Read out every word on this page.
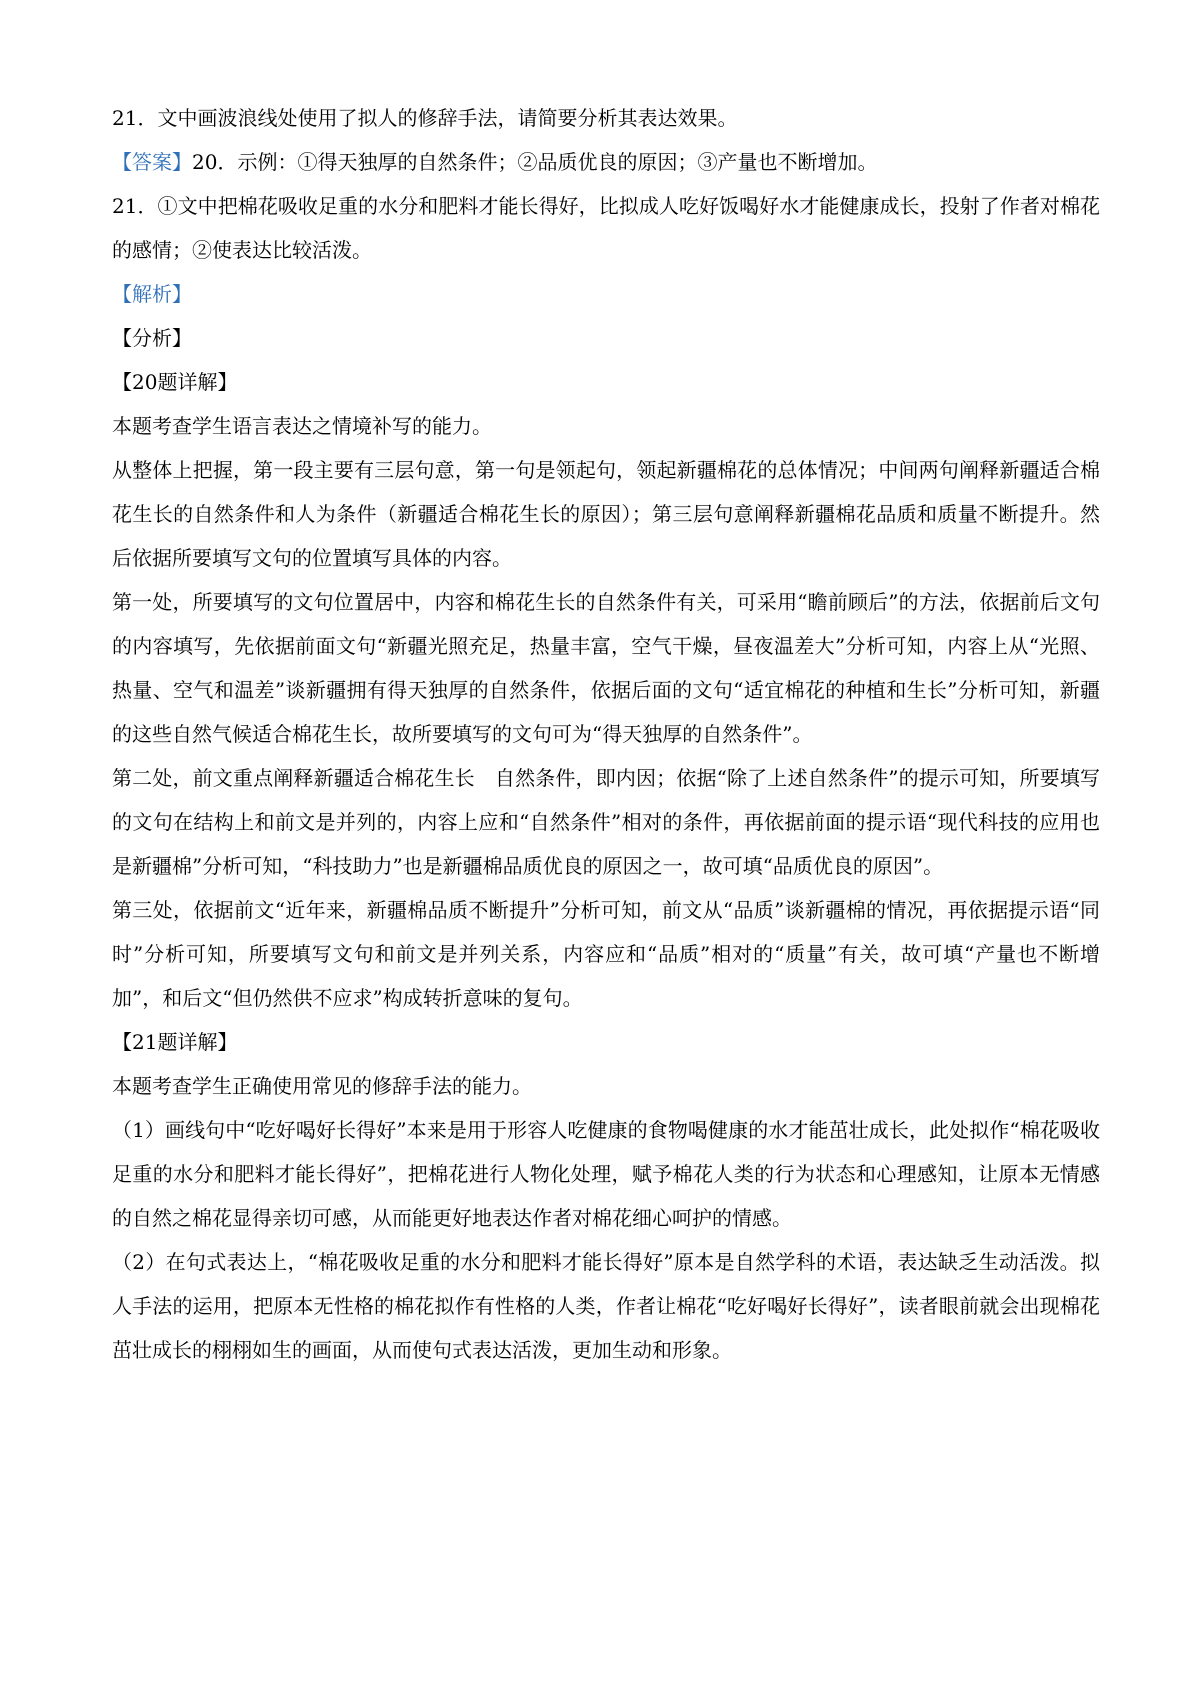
21．文中画波浪线处使用了拟人的修辞手法，请简要分析其表达效果。

【答案】20．示例：①得天独厚的自然条件；②品质优良的原因；③产量也不断增加。

21．①文中把棉花吸收足重的水分和肥料才能长得好，比拟成人吃好饭喝好水才能健康成长，投射了作者对棉花的感情；②使表达比较活泼。

【解析】

【分析】

【20题详解】

本题考查学生语言表达之情境补写的能力。

从整体上把握，第一段主要有三层句意，第一句是领起句，领起新疆棉花的总体情况；中间两句阐释新疆适合棉花生长的自然条件和人为条件（新疆适合棉花生长的原因）；第三层句意阐释新疆棉花品质和质量不断提升。然后依据所要填写文句的位置填写具体的内容。

第一处，所要填写的文句位置居中，内容和棉花生长的自然条件有关，可采用“瞻前顾后”的方法，依据前后文句的内容填写，先依据前面文句“新疆光照充足，热量丰富，空气干燥，昼夜温差大”分析可知，内容上从“光照、热量、空气和温差”谈新疆拥有得天独厚的自然条件，依据后面的文句“适宜棉花的种植和生长”分析可知，新疆的这些自然气候适合棉花生长，故所要填写的文句可为“得天独厚的自然条件”。

第二处，前文重点阐释新疆适合棉花生长　自然条件，即内因；依据“除了上述自然条件”的提示可知，所要填写的文句在结构上和前文是并列的，内容上应和“自然条件”相对的条件，再依据前面的提示语“现代科技的应用也是新疆棉”分析可知，“科技助力”也是新疆棉品质优良的原因之一，故可填“品质优良的原因”。

第三处，依据前文“近年来，新疆棉品质不断提升”分析可知，前文从“品质”谈新疆棉的情况，再依据提示语“同时”分析可知，所要填写文句和前文是并列关系，内容应和“品质”相对的“质量”有关，故可填“产量也不断增加”，和后文“但仍然供不应求”构成转折意味的复句。

【21题详解】

本题考查学生正确使用常见的修辞手法的能力。

（1）画线句中“吃好喝好长得好”本来是用于形容人吃健康的食物喝健康的水才能茁壮成长，此处拟作“棉花吸收足重的水分和肥料才能长得好”，把棉花进行人物化处理，赋予棉花人类的行为状态和心理感知，让原本无情感的自然之棉花显得亲切可感，从而能更好地表达作者对棉花细心呵护的情感。

（2）在句式表达上，“棉花吸收足重的水分和肥料才能长得好”原本是自然学科的术语，表达缺乏生动活泼。拟人手法的运用，把原本无性格的棉花拟作有性格的人类，作者让棉花“吃好喝好长得好”，读者眼前就会出现棉花茁壮成长的栩栩如生的画面，从而使句式表达活泼，更加生动和形象。
